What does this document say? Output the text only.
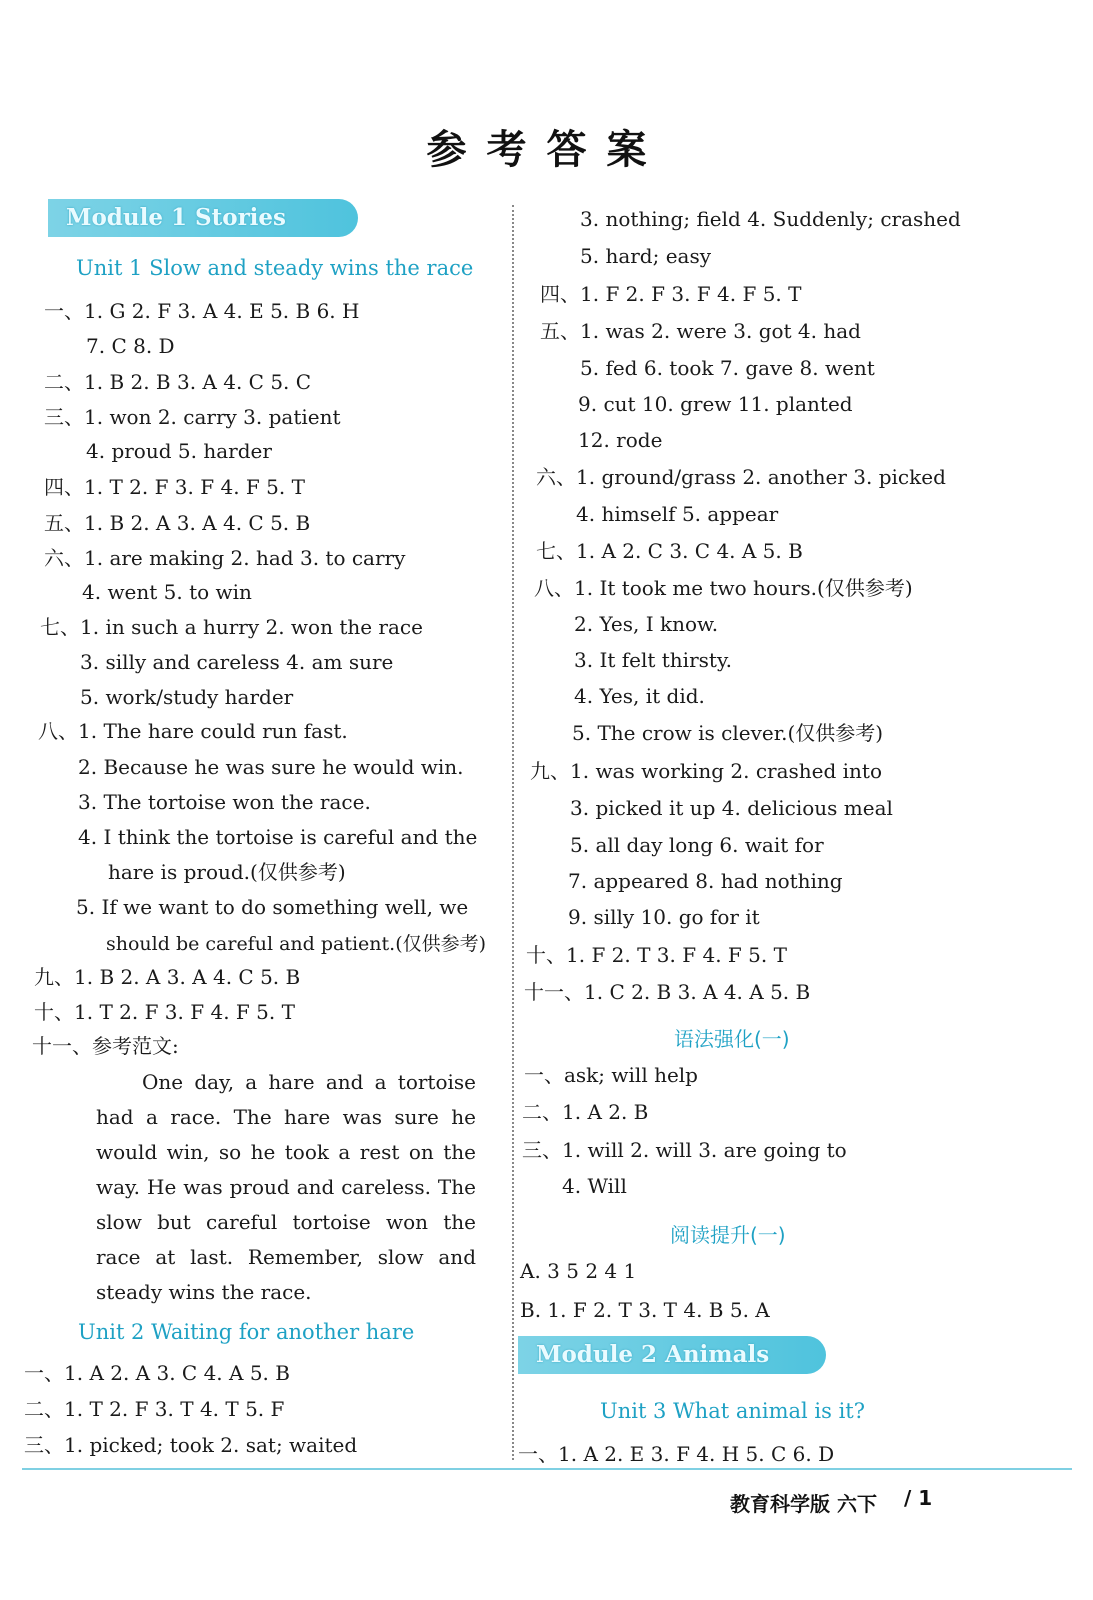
参考答案
Module 1 Stories
Unit 1 Slow and steady wins the race
一、1. G 2. F 3. A 4. E 5. B 6. H
7. C 8. D
二、1. B 2. B 3. A 4. C 5. C
三、1. won 2. carry 3. patient
4. proud 5. harder
四、1. T 2. F 3. F 4. F 5. T
五、1. B 2. A 3. A 4. C 5. B
六、1. are making 2. had 3. to carry
4. went 5. to win
七、1. in such a hurry 2. won the race
3. silly and careless 4. am sure
5. work/study harder
八、1. The hare could run fast.
2. Because he was sure he would win.
3. The tortoise won the race.
4. I think the tortoise is careful and the
hare is proud.(仅供参考)
5. If we want to do something well, we
should be careful and patient.(仅供参考)
九、1. B 2. A 3. A 4. C 5. B
十、1. T 2. F 3. F 4. F 5. T
十一、参考范文:
One day, a hare and a tortoise had a race. The hare was sure he would win, so he took a rest on the way. He was proud and careless. The slow but careful tortoise won the race at last. Remember, slow and steady wins the race.
Unit 2 Waiting for another hare
一、1. A 2. A 3. C 4. A 5. B
二、1. T 2. F 3. T 4. T 5. F
三、1. picked; took 2. sat; waited
3. nothing; field 4. Suddenly; crashed
5. hard; easy
四、1. F 2. F 3. F 4. F 5. T
五、1. was 2. were 3. got 4. had
5. fed 6. took 7. gave 8. went
9. cut 10. grew 11. planted
12. rode
六、1. ground/grass 2. another 3. picked
4. himself 5. appear
七、1. A 2. C 3. C 4. A 5. B
八、1. It took me two hours.(仅供参考)
2. Yes, I know.
3. It felt thirsty.
4. Yes, it did.
5. The crow is clever.(仅供参考)
九、1. was working 2. crashed into
3. picked it up 4. delicious meal
5. all day long 6. wait for
7. appeared 8. had nothing
9. silly 10. go for it
十、1. F 2. T 3. F 4. F 5. T
十一、1. C 2. B 3. A 4. A 5. B
语法强化(一)
一、ask; will help
二、1. A 2. B
三、1. will 2. will 3. are going to
4. Will
阅读提升(一)
A. 3 5 2 4 1
B. 1. F 2. T 3. T 4. B 5. A
Module 2 Animals
Unit 3 What animal is it?
一、1. A 2. E 3. F 4. H 5. C 6. D
教育科学版 六下 / 1
